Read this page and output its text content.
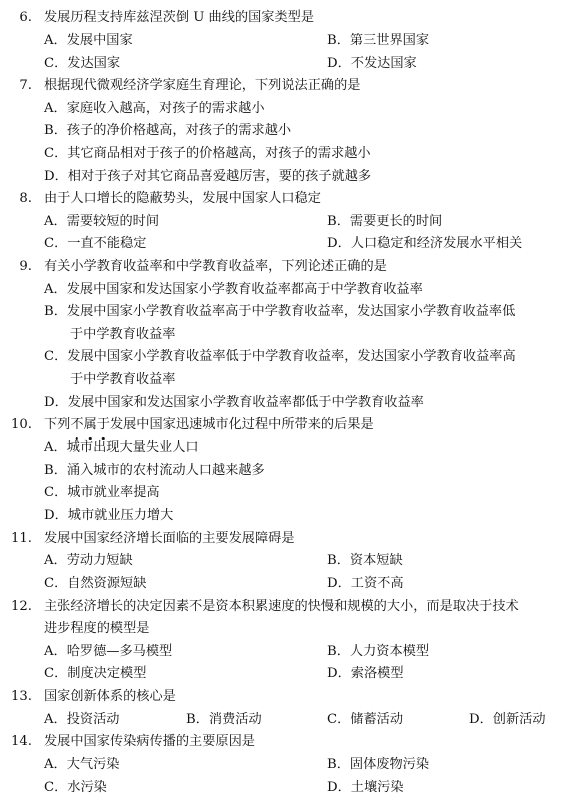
6. 发展历程支持库兹涅茨倒 U 曲线的国家类型是
A．发展中国家	B．第三世界国家
C．发达国家	D．不发达国家
7. 根据现代微观经济学家庭生育理论，下列说法正确的是
A．家庭收入越高，对孩子的需求越小
B．孩子的净价格越高，对孩子的需求越小
C．其它商品相对于孩子的价格越高，对孩子的需求越小
D．相对于孩子对其它商品喜爱越厉害，要的孩子就越多
8. 由于人口增长的隐蔽势头，发展中国家人口稳定
A．需要较短的时间	B．需要更长的时间
C．一直不能稳定	D．人口稳定和经济发展水平相关
9. 有关小学教育收益率和中学教育收益率，下列论述正确的是
A．发展中国家和发达国家小学教育收益率都高于中学教育收益率
B．发展中国家小学教育收益率高于中学教育收益率，发达国家小学教育收益率低
于中学教育收益率
C．发展中国家小学教育收益率低于中学教育收益率，发达国家小学教育收益率高
于中学教育收益率
D．发展中国家和发达国家小学教育收益率都低于中学教育收益率
10. 下列不属于发展中国家迅速城市化过程中所带来的后果是
A．城市出现大量失业人口
B．涌入城市的农村流动人口越来越多
C．城市就业率提高
D．城市就业压力增大
11. 发展中国家经济增长面临的主要发展障碍是
A．劳动力短缺	B．资本短缺
C．自然资源短缺	D．工资不高
12. 主张经济增长的决定因素不是资本积累速度的快慢和规模的大小，而是取决于技术
进步程度的模型是
A．哈罗德—多马模型	B．人力资本模型
C．制度决定模型	D．索洛模型
13. 国家创新体系的核心是
A．投资活动	B．消费活动	C．储蓄活动	D．创新活动
14. 发展中国家传染病传播的主要原因是
A．大气污染	B．固体废物污染
C．水污染	D．土壤污染
